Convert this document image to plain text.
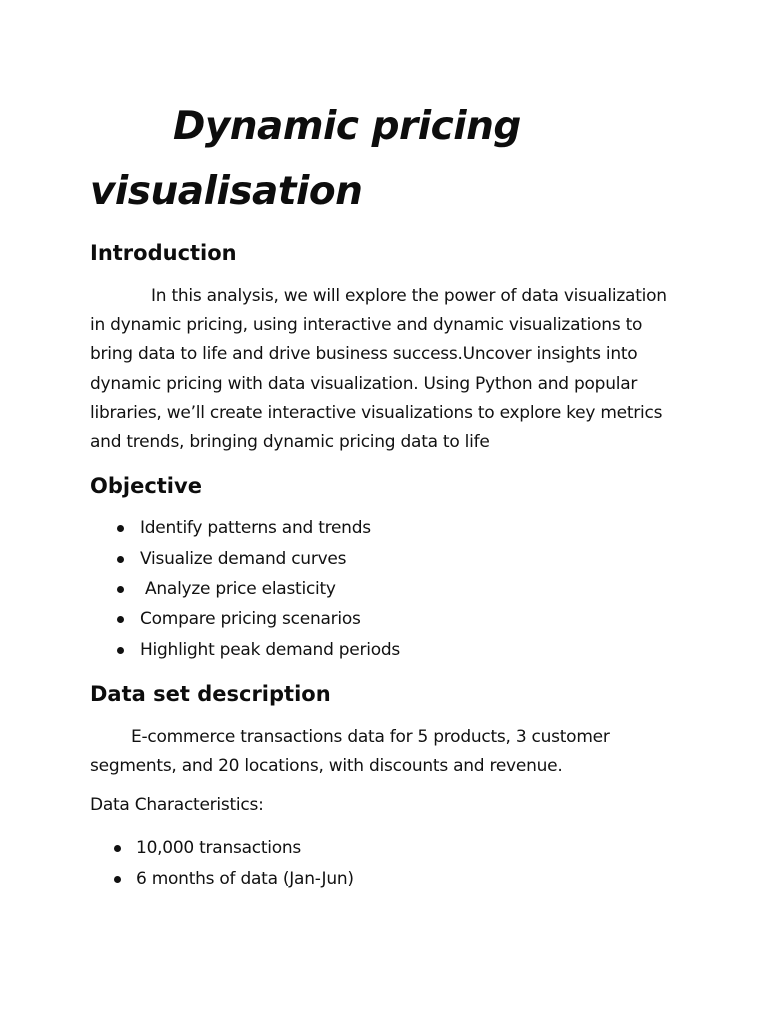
Dynamic pricing
visualisation
Introduction

In this analysis, we will explore the power of data visualization in dynamic pricing, using interactive and dynamic visualizations to bring data to life and drive business success.Uncover insights into dynamic pricing with data visualization. Using Python and popular libraries, we’ll create interactive visualizations to explore key metrics and trends, bringing dynamic pricing data to life

Objective
Identify patterns and trends
Visualize demand curves
Analyze price elasticity
Compare pricing scenarios
Highlight peak demand periods
Data set description

E-commerce transactions data for 5 products, 3 customer segments, and 20 locations, with discounts and revenue.

Data Characteristics:

10,000 transactions
6 months of data (Jan-Jun)
